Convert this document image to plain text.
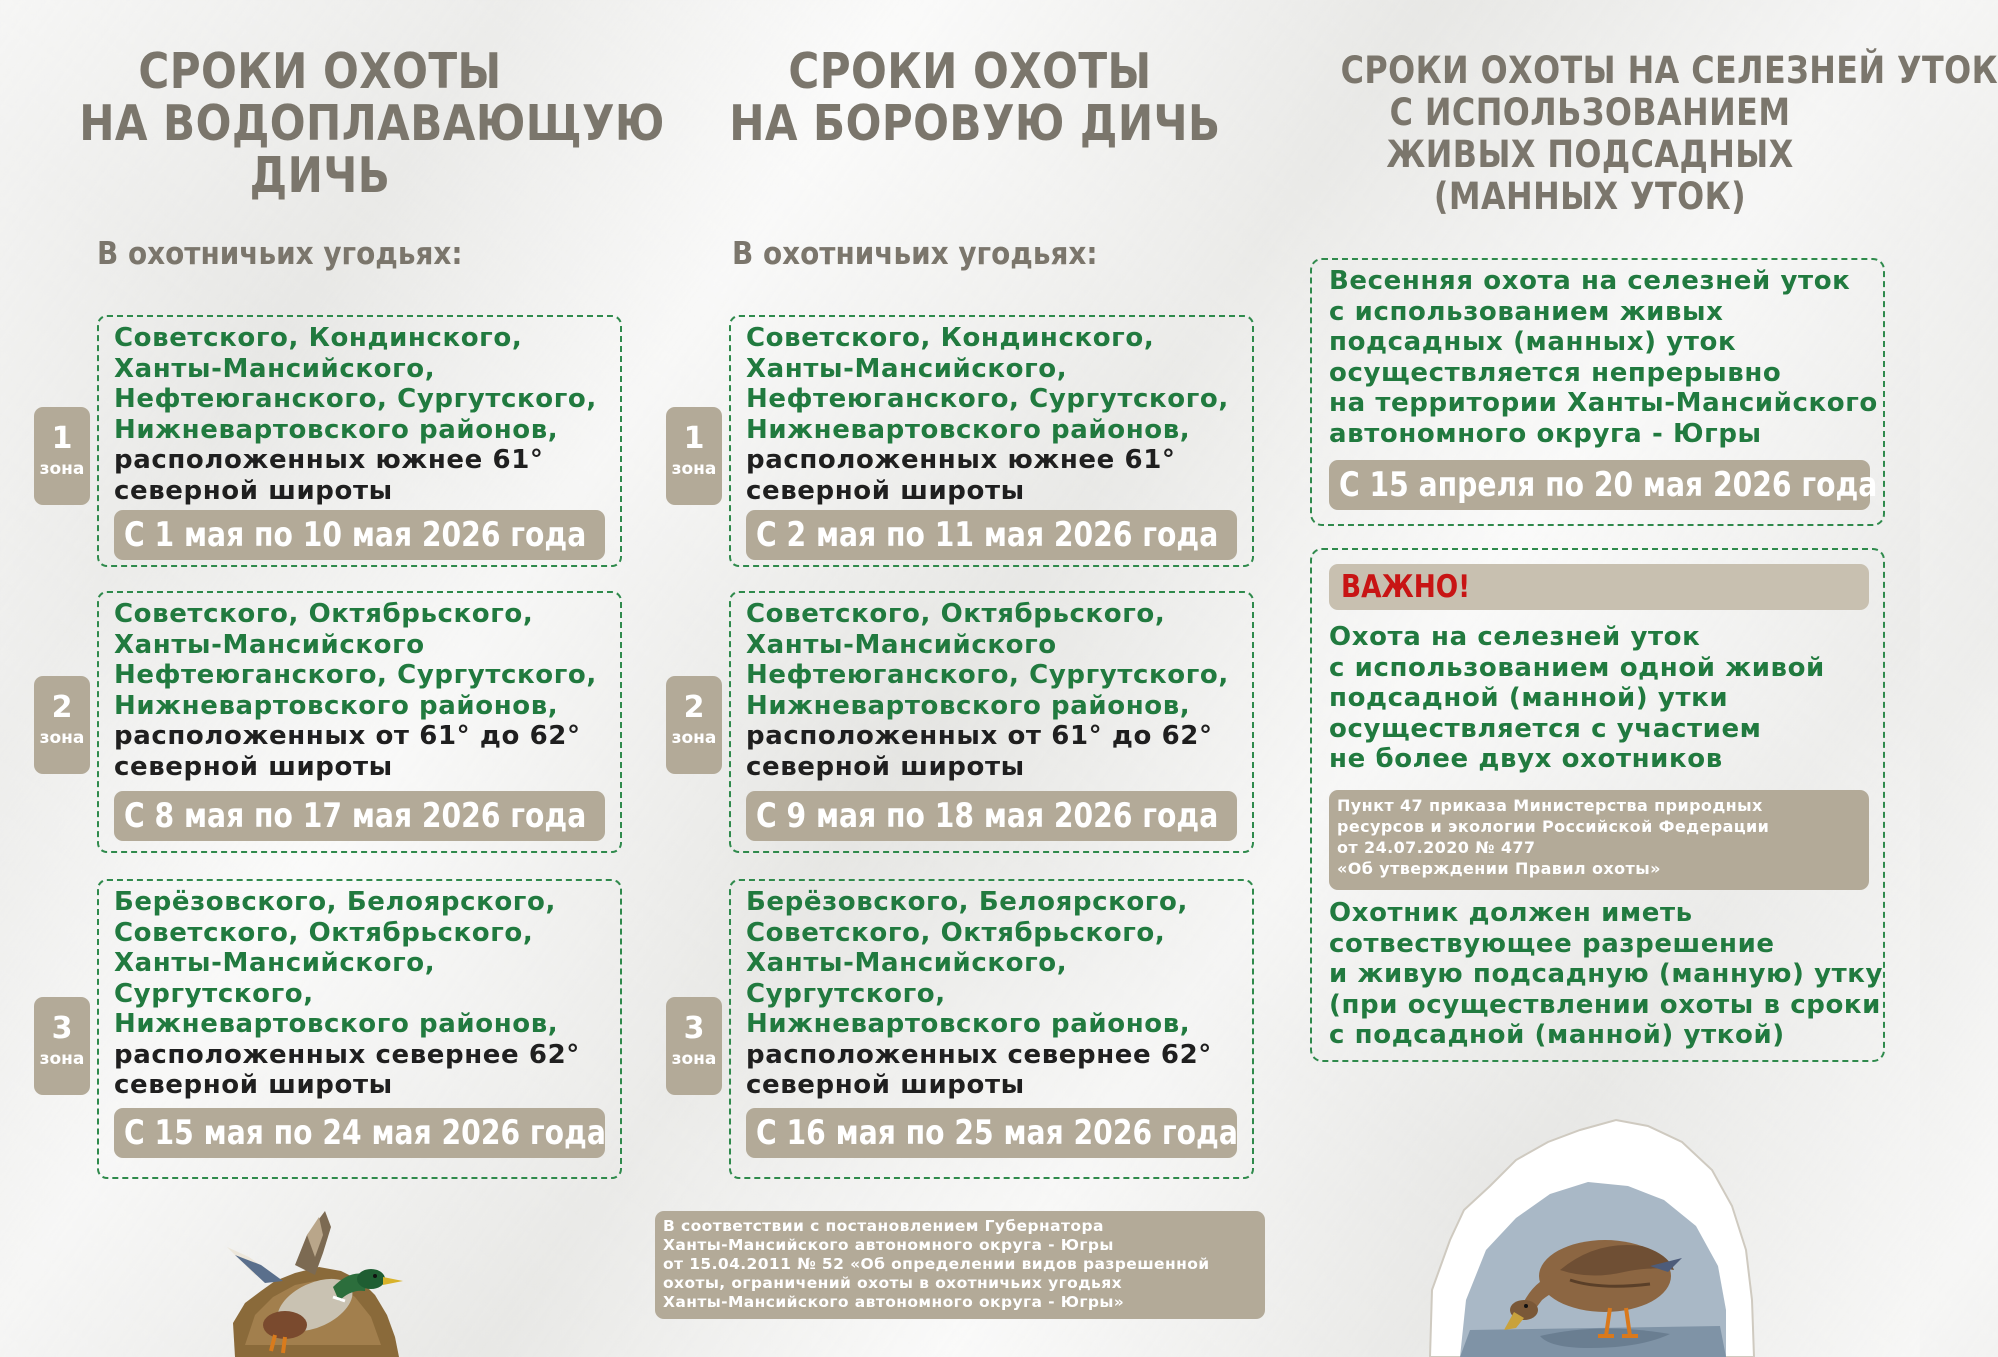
СРОКИ ОХОТЫ
НА ВОДОПЛАВАЮЩУЮ
ДИЧЬ
В охотничьих угодьях:
1
зона
Советского, Кондинского,
Ханты-Мансийского,
Нефтеюганского, Сургутского,
Нижневартовского районов,
расположенных южнее 61°
северной широты
С 1 мая по 10 мая 2026 года
2
зона
Советского, Октябрьского,
Ханты-Мансийского
Нефтеюганского, Сургутского,
Нижневартовского районов,
расположенных от 61° до 62°
северной широты
С 8 мая по 17 мая 2026 года
3
зона
Берёзовского, Белоярского,
Советского, Октябрьского,
Ханты-Мансийского,
Сургутского,
Нижневартовского районов,
расположенных севернее 62°
северной широты
С 15 мая по 24 мая 2026 года
СРОКИ ОХОТЫ
НА БОРОВУЮ ДИЧЬ
В охотничьих угодьях:
1
зона
Советского, Кондинского,
Ханты-Мансийского,
Нефтеюганского, Сургутского,
Нижневартовского районов,
расположенных южнее 61°
северной широты
С 2 мая по 11 мая 2026 года
2
зона
Советского, Октябрьского,
Ханты-Мансийского
Нефтеюганского, Сургутского,
Нижневартовского районов,
расположенных от 61° до 62°
северной широты
С 9 мая по 18 мая 2026 года
3
зона
Берёзовского, Белоярского,
Советского, Октябрьского,
Ханты-Мансийского,
Сургутского,
Нижневартовского районов,
расположенных севернее 62°
северной широты
С 16 мая по 25 мая 2026 года
В соответствии с постановлением Губернатора
Ханты-Мансийского автономного округа - Югры
от 15.04.2011 № 52 «Об определении видов разрешенной
охоты, ограничений охоты в охотничьих угодьях
Ханты-Мансийского автономного округа - Югры»
СРОКИ ОХОТЫ НА СЕЛЕЗНЕЙ УТОК
С ИСПОЛЬЗОВАНИЕМ
ЖИВЫХ ПОДСАДНЫХ
(МАННЫХ УТОК)
Весенняя охота на селезней уток
с использованием живых
подсадных (манных) уток
осуществляется непрерывно
на территории Ханты-Мансийского
автономного округа - Югры
С 15 апреля по 20 мая 2026 года
ВАЖНО!
Охота на селезней уток
с использованием одной живой
подсадной (манной) утки
осуществляется с участием
не более двух охотников
Пункт 47 приказа Министерства природных
ресурсов и экологии Российской Федерации
от 24.07.2020 № 477
«Об утверждении Правил охоты»
Охотник должен иметь
сотвествующее разрешение
и живую подсадную (манную) утку
(при осуществлении охоты в сроки
с подсадной (манной) уткой)
